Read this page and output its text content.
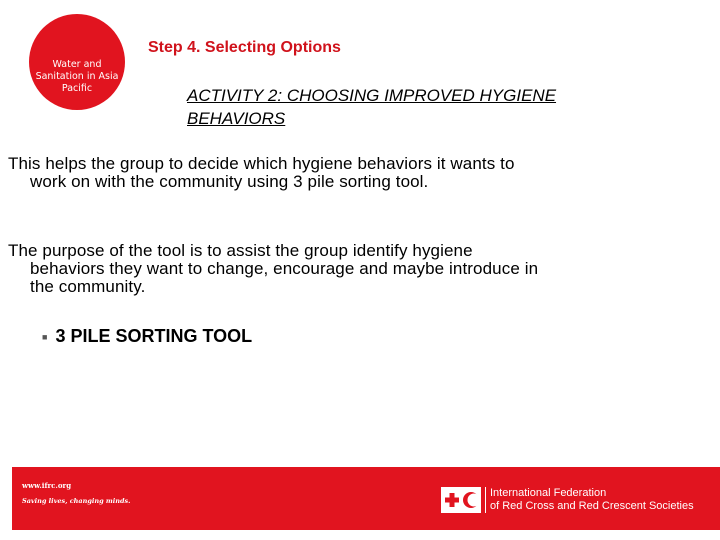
Water and
Sanitation in Asia
Pacific
Step 4. Selecting Options
ACTIVITY 2: CHOOSING IMPROVED HYGIENE BEHAVIORS
This helps the group to decide which hygiene behaviors it wants to work on with the community using 3 pile sorting tool.
The purpose of the tool is to assist the group identify hygiene behaviors they want to change, encourage and maybe introduce in the community.
■ 3 PILE SORTING TOOL
www.ifrc.org
Saving lives, changing minds.
International Federation
of Red Cross and Red Crescent Societies
